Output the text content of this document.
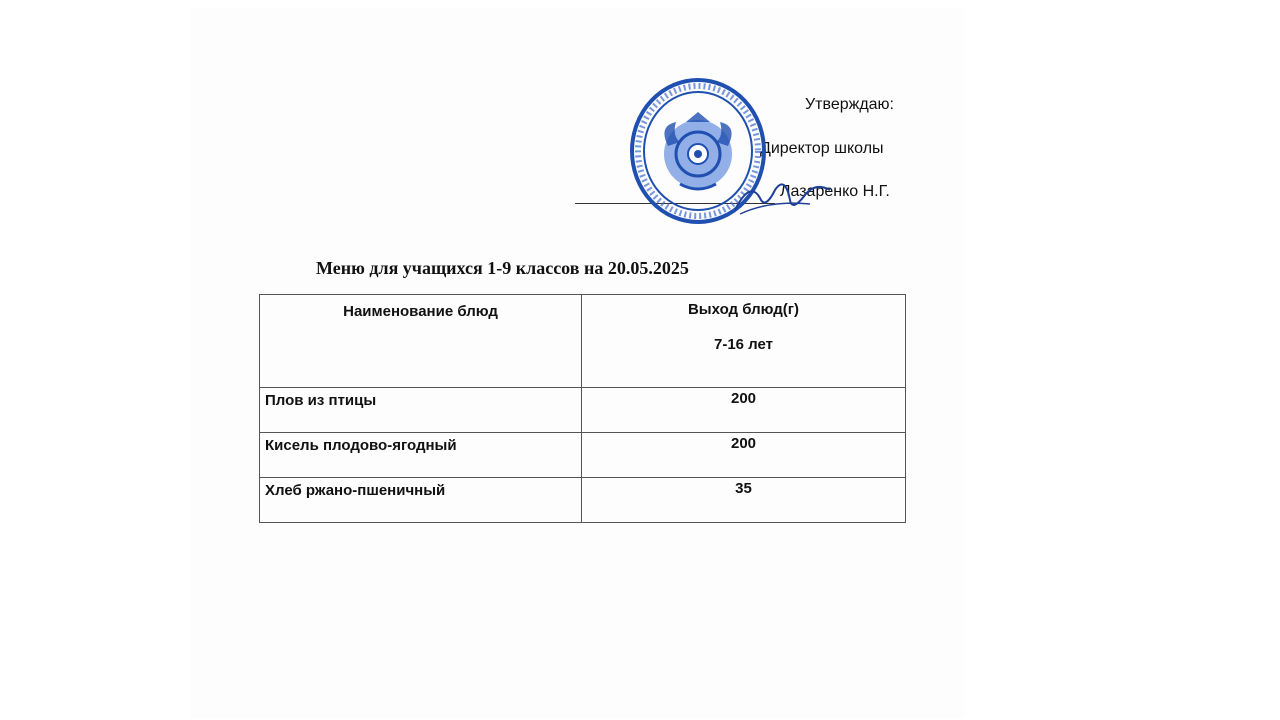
Утверждаю:
Директор школы
Лазаренко Н.Г.
Меню для учащихся 1-9 классов на 20.05.2025
Наименование блюд	Выход блюд(г)
7-16 лет

Плов из птицы	200
Кисель плодово-ягодный	200
Хлеб ржано-пшеничный	35
